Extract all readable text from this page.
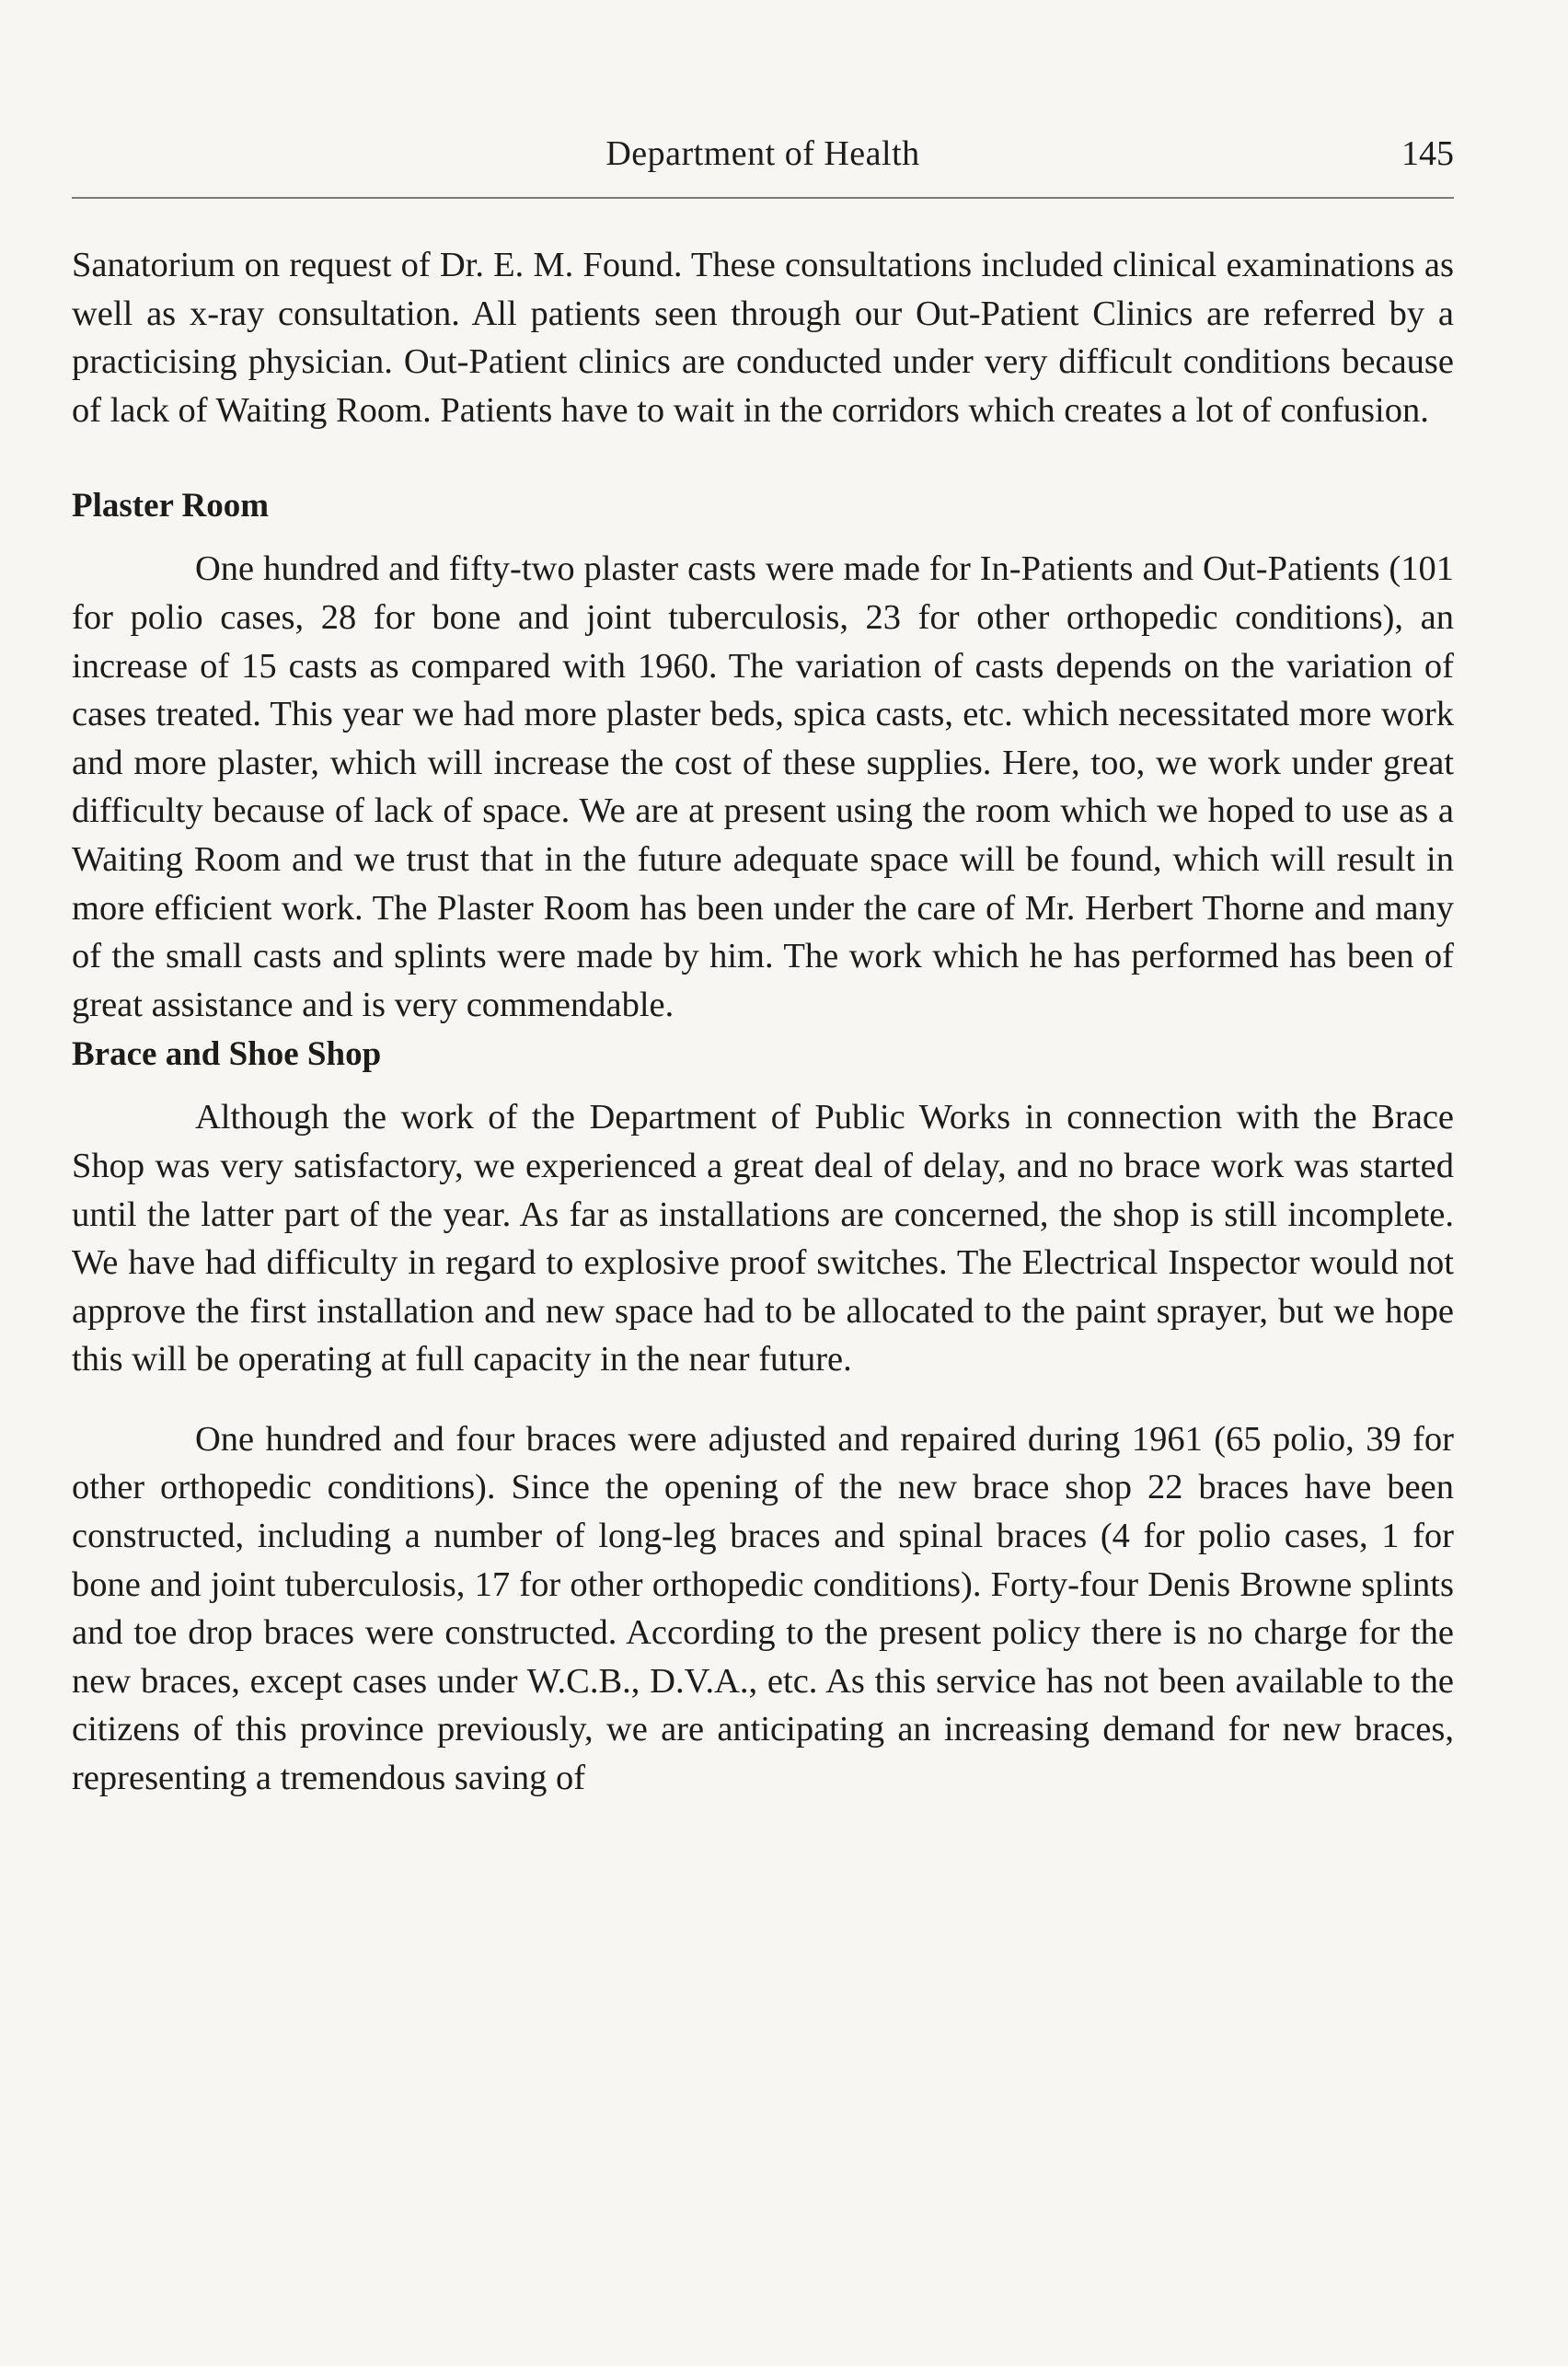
Department of Health	145

Sanatorium on request of Dr. E. M. Found. These consultations included clinical examinations as well as x-ray consultation. All patients seen through our Out-Patient Clinics are referred by a practicising physician. Out-Patient clinics are conducted under very difficult conditions because of lack of Waiting Room. Patients have to wait in the corridors which creates a lot of confusion.

Plaster Room

One hundred and fifty-two plaster casts were made for In-Patients and Out-Patients (101 for polio cases, 28 for bone and joint tuberculosis, 23 for other orthopedic conditions), an increase of 15 casts as compared with 1960. The variation of casts depends on the variation of cases treated. This year we had more plaster beds, spica casts, etc. which necessitated more work and more plaster, which will increase the cost of these supplies. Here, too, we work under great difficulty because of lack of space. We are at present using the room which we hoped to use as a Waiting Room and we trust that in the future adequate space will be found, which will result in more efficient work. The Plaster Room has been under the care of Mr. Herbert Thorne and many of the small casts and splints were made by him. The work which he has performed has been of great assistance and is very commendable.

Brace and Shoe Shop

Although the work of the Department of Public Works in connection with the Brace Shop was very satisfactory, we experienced a great deal of delay, and no brace work was started until the latter part of the year. As far as installations are concerned, the shop is still incomplete. We have had difficulty in regard to explosive proof switches. The Electrical Inspector would not approve the first installation and new space had to be allocated to the paint sprayer, but we hope this will be operating at full capacity in the near future.

One hundred and four braces were adjusted and repaired during 1961 (65 polio, 39 for other orthopedic conditions). Since the opening of the new brace shop 22 braces have been constructed, including a number of long-leg braces and spinal braces (4 for polio cases, 1 for bone and joint tuberculosis, 17 for other orthopedic conditions). Forty-four Denis Browne splints and toe drop braces were constructed. According to the present policy there is no charge for the new braces, except cases under W.C.B., D.V.A., etc. As this service has not been available to the citizens of this province previously, we are anticipating an increasing demand for new braces, representing a tremendous saving of
